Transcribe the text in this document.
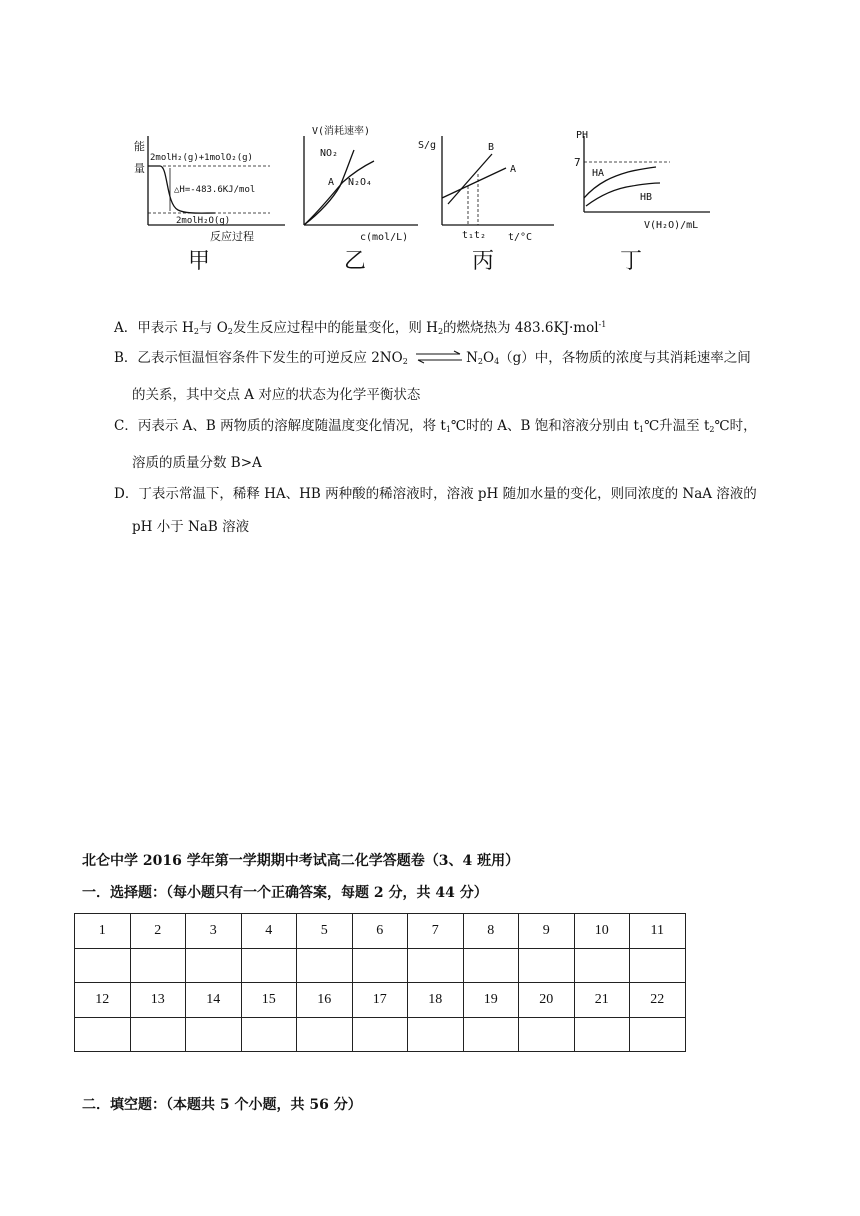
能
量
2molH₂(g)+1molO₂(g)
△H=-483.6KJ/mol
2molH₂O(g)
反应过程
甲
V(消耗速率)
NO₂
N₂O₄
A
c(mol/L)
乙
S/g	B
A
t₁ t₂ t/°C
丙
PH
7
HA
HB
V(H₂O)/mL
丁
A．甲表示 $H_2$与 $O_2$发生反应过程中的能量变化，则 $H_2$的燃烧热为 483.6KJ·mol$^{-1}$
B．乙表示恒温恒容条件下发生的可逆反应 $2NO_2$ ⇌ $N_2O_4(g)$中，各物质的浓度与其消耗速率之间
的关系，其中交点 A 对应的状态为化学平衡状态
C．丙表示 A、B 两物质的溶解度随温度变化情况，将 $t_1℃$时的 A、B 饱和溶液分别由 $t_1℃$升温至 $t_2℃$时，
溶质的质量分数 B>A
D．丁表示常温下，稀释 HA、HB 两种酸的稀溶液时，溶液 pH 随加水量的变化，则同浓度的 NaA 溶液的
pH 小于 NaB 溶液
北仑中学 2016 学年第一学期期中考试高二化学答题卷（3、4 班用）
一．选择题：（每小题只有一个正确答案，每题 2 分，共 44 分）
1	2	3	4	5	6	7	8	9	10	11

12	13	14	15	16	17	18	19	20	21	22

二．填空题：（本题共 5 个小题，共 56 分）
